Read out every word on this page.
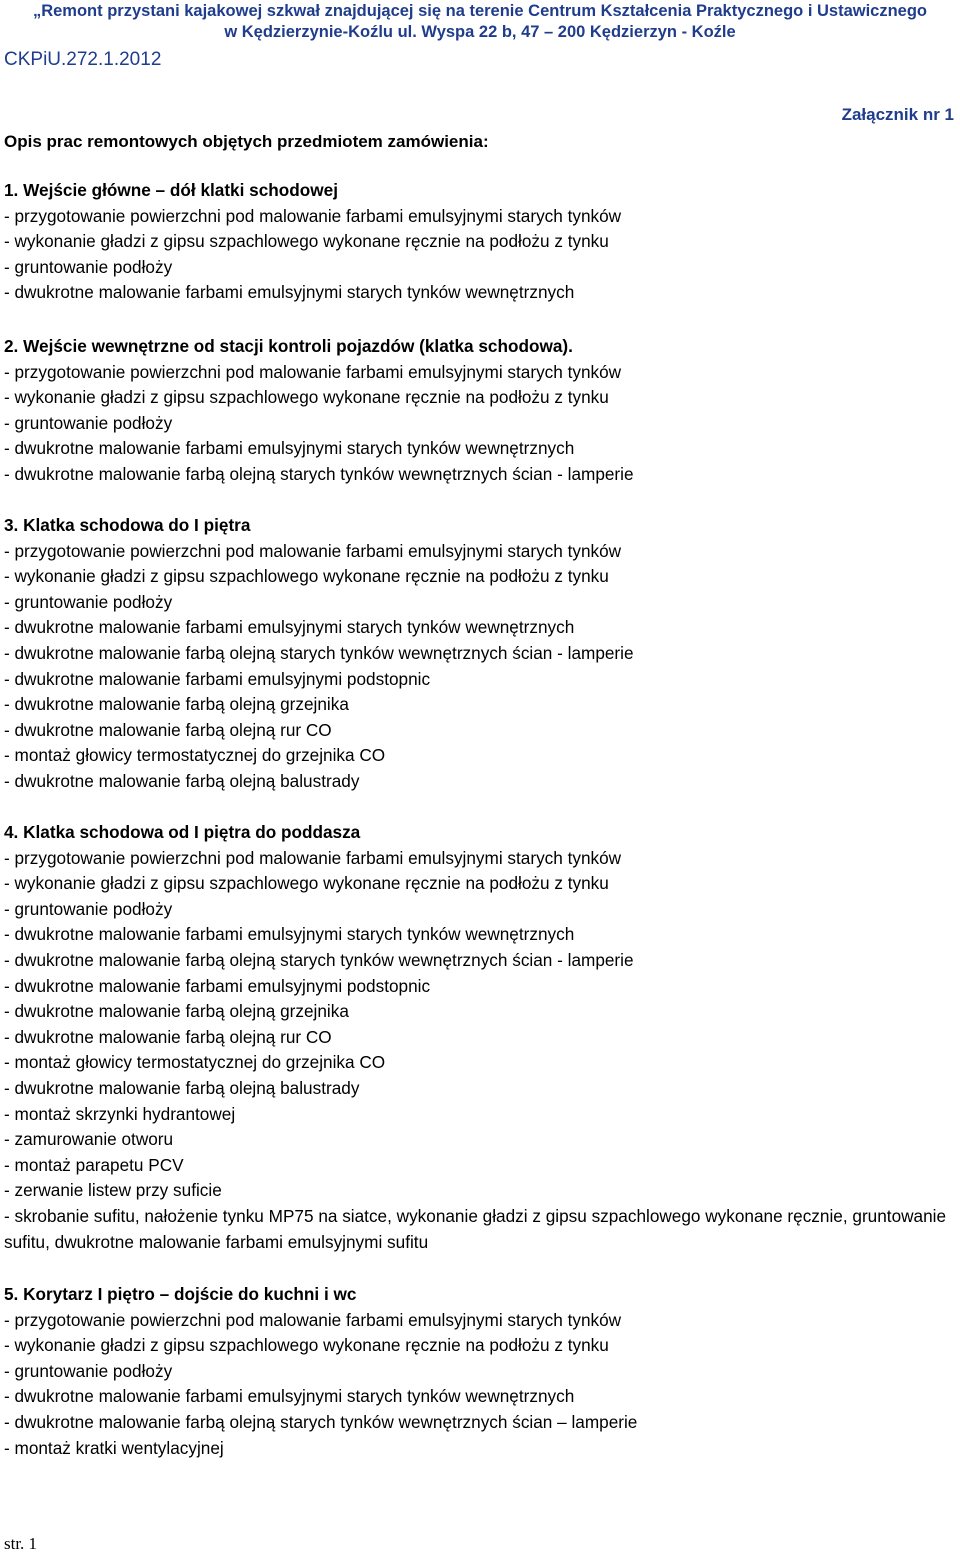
„Remont przystani kajakowej szkwał znajdującej się na terenie Centrum Kształcenia Praktycznego i Ustawicznego
w Kędzierzynie-Koźlu ul. Wyspa 22 b, 47 – 200 Kędzierzyn - Koźle
CKPiU.272.1.2012
Załącznik nr 1
Opis prac remontowych objętych przedmiotem zamówienia:
1. Wejście główne – dół klatki schodowej
- przygotowanie powierzchni pod malowanie farbami emulsyjnymi starych tynków
- wykonanie gładzi z gipsu szpachlowego wykonane ręcznie na podłożu z tynku
- gruntowanie podłoży
- dwukrotne malowanie farbami emulsyjnymi starych tynków wewnętrznych
2. Wejście wewnętrzne od stacji kontroli pojazdów (klatka schodowa).
- przygotowanie powierzchni pod malowanie farbami emulsyjnymi starych tynków
- wykonanie gładzi z gipsu szpachlowego wykonane ręcznie na podłożu z tynku
- gruntowanie podłoży
- dwukrotne malowanie farbami emulsyjnymi starych tynków wewnętrznych
- dwukrotne malowanie farbą olejną starych tynków wewnętrznych ścian - lamperie
3. Klatka schodowa do I piętra
- przygotowanie powierzchni pod malowanie farbami emulsyjnymi starych tynków
- wykonanie gładzi z gipsu szpachlowego wykonane ręcznie na podłożu z tynku
- gruntowanie podłoży
- dwukrotne malowanie farbami emulsyjnymi starych tynków wewnętrznych
- dwukrotne malowanie farbą olejną starych tynków wewnętrznych ścian - lamperie
- dwukrotne malowanie farbami emulsyjnymi podstopnic
- dwukrotne malowanie farbą olejną grzejnika
- dwukrotne malowanie farbą olejną rur CO
- montaż głowicy termostatycznej do grzejnika CO
- dwukrotne malowanie farbą olejną balustrady
4. Klatka schodowa od I piętra do poddasza
- przygotowanie powierzchni pod malowanie farbami emulsyjnymi starych tynków
- wykonanie gładzi z gipsu szpachlowego wykonane ręcznie na podłożu z tynku
- gruntowanie podłoży
- dwukrotne malowanie farbami emulsyjnymi starych tynków wewnętrznych
- dwukrotne malowanie farbą olejną starych tynków wewnętrznych ścian - lamperie
- dwukrotne malowanie farbami emulsyjnymi podstopnic
- dwukrotne malowanie farbą olejną grzejnika
- dwukrotne malowanie farbą olejną rur CO
- montaż głowicy termostatycznej do grzejnika CO
- dwukrotne malowanie farbą olejną balustrady
- montaż skrzynki hydrantowej
- zamurowanie otworu
- montaż parapetu PCV
- zerwanie listew przy suficie
- skrobanie sufitu, nałożenie tynku MP75 na siatce, wykonanie gładzi z gipsu szpachlowego wykonane ręcznie, gruntowanie sufitu, dwukrotne malowanie farbami emulsyjnymi sufitu
5. Korytarz I piętro – dojście do kuchni i wc
- przygotowanie powierzchni pod malowanie farbami emulsyjnymi starych tynków
- wykonanie gładzi z gipsu szpachlowego wykonane ręcznie na podłożu z tynku
- gruntowanie podłoży
- dwukrotne malowanie farbami emulsyjnymi starych tynków wewnętrznych
- dwukrotne malowanie farbą olejną starych tynków wewnętrznych ścian – lamperie
- montaż kratki wentylacyjnej
str. 1
